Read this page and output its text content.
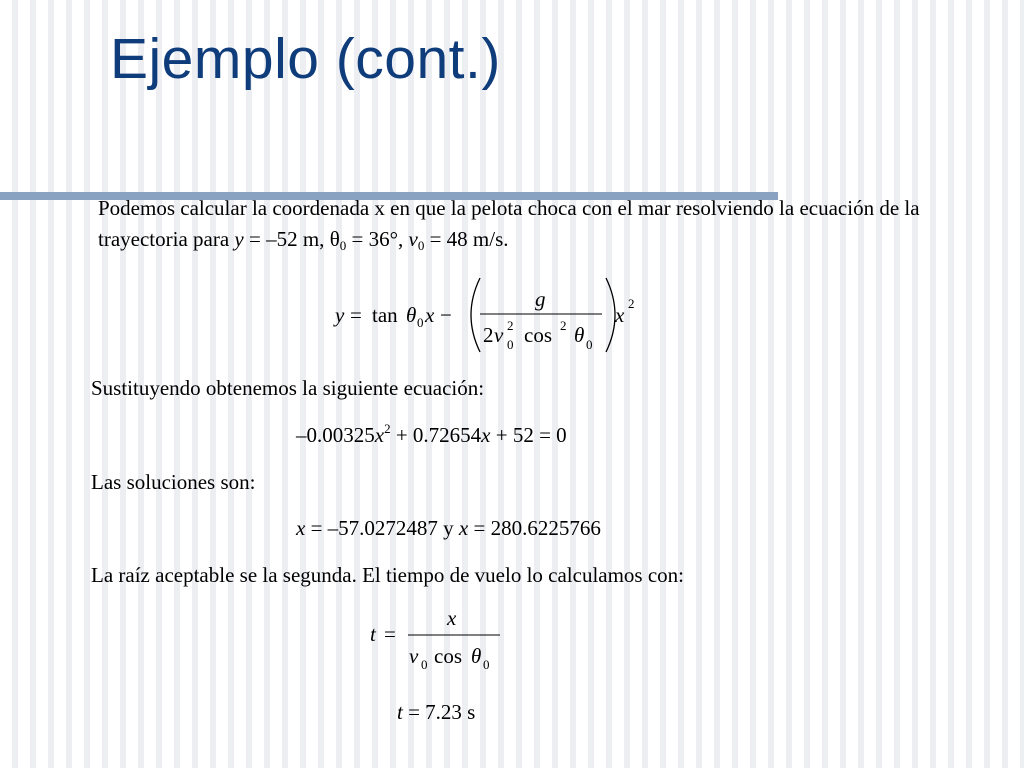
Ejemplo (cont.)
Podemos calcular la coordenada x en que la pelota choca con el mar resolviendo la ecuación de la trayectoria para y = –52 m, $\theta_0 = 36^\circ$, $v_0 = 48$ m/s.
y = tan θ 0 x −
g
2 v 2
0 cos 2 θ 0
x 2
Sustituyendo obtenemos la siguiente ecuación:
$-0.00325x^2 + 0.72654x + 52 = 0$
Las soluciones son:
x = –57.0272487 y x = 280.6225766
La raíz aceptable se la segunda. El tiempo de vuelo lo calculamos con:
t =
x
v 0 cos θ 0
t = 7.23 s
